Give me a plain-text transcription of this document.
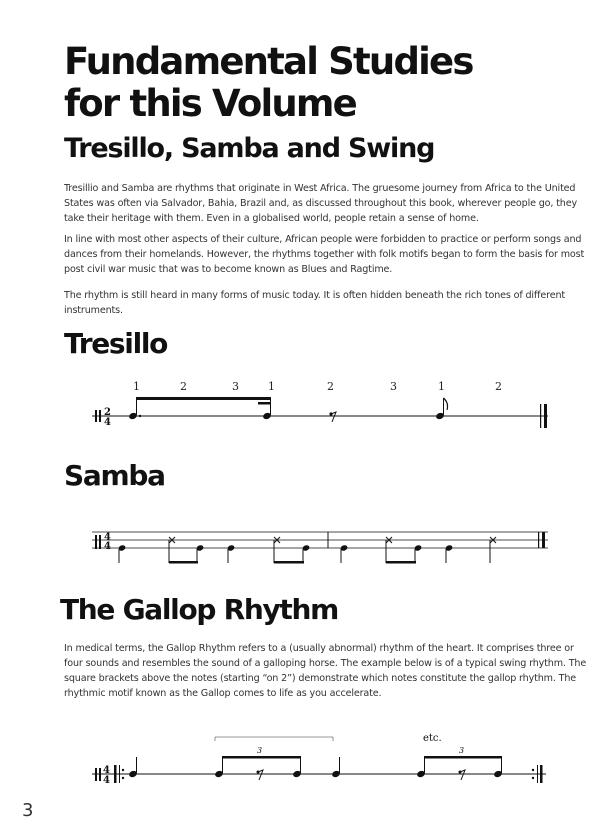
Fundamental Studies
for this Volume
Tresillo, Samba and Swing

Tresillio and Samba are rhythms that originate in West Africa. The gruesome journey from Africa to the United States was often via Salvador, Bahia, Brazil and, as discussed throughout this book, wherever people go, they take their heritage with them. Even in a globalised world, people retain a sense of home.

In line with most other aspects of their culture, African people were forbidden to practice or perform songs and dances from their homelands. However, the rhythms together with folk motifs began to form the basis for most post civil war music that was to become known as Blues and Ragtime.

The rhythm is still heard in many forms of music today. It is often hidden beneath the rich tones of different instruments.

Tresillo
1	2	3	1	2	3	1	2
2
4
Samba
4
4
The Gallop Rhythm

In medical terms, the Gallop Rhythm refers to a (usually abnormal) rhythm of the heart. It comprises three or four sounds and resembles the sound of a galloping horse. The example below is of a typical swing rhythm. The square brackets above the notes (starting “on 2”) demonstrate which notes constitute the gallop rhythm. The rhythmic motif known as the Gallop comes to life as you accelerate.

etc.
3	3
4
4

3
